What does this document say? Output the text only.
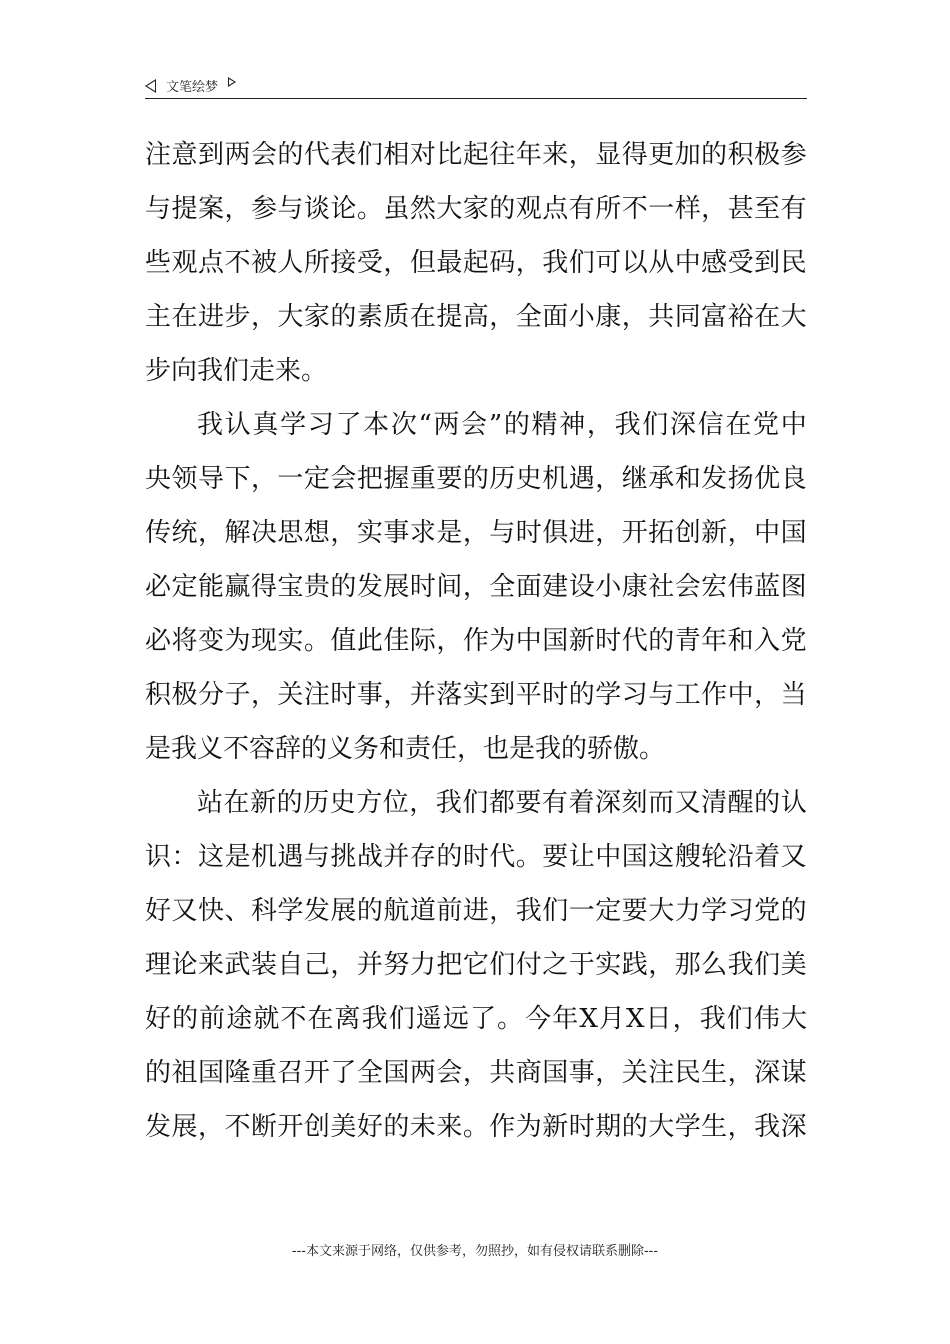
文笔绘梦
注 意 到 两 会 的 代 表 们 相 对 比 起 往 年 来 ， 显 得 更 加 的 积 极 参
与 提 案 ， 参 与 谈 论 。 虽 然 大 家 的 观 点 有 所 不 一 样 ， 甚 至 有
些 观 点 不 被 人 所 接 受 ， 但 最 起 码 ， 我 们 可 以 从 中 感 受 到 民
主 在 进 步 ， 大 家 的 素 质 在 提 高 ， 全 面 小 康 ， 共 同 富 裕 在 大
步向我们走来。
我 认 真 学 习 了 本 次 “ 两 会 ” 的 精 神 ， 我 们 深 信 在 党 中
央 领 导 下 ， 一 定 会 把 握 重 要 的 历 史 机 遇 ， 继 承 和 发 扬 优 良
传 统 ， 解 决 思 想 ， 实 事 求 是 ， 与 时 俱 进 ， 开 拓 创 新 ， 中 国
必 定 能 赢 得 宝 贵 的 发 展 时 间 ， 全 面 建 设 小 康 社 会 宏 伟 蓝 图
必 将 变 为 现 实 。 值 此 佳 际 ， 作 为 中 国 新 时 代 的 青 年 和 入 党
积 极 分 子 ， 关 注 时 事 ， 并 落 实 到 平 时 的 学 习 与 工 作 中 ， 当
是我义不容辞的义务和责任，也是我的骄傲。
站 在 新 的 历 史 方 位 ， 我 们 都 要 有 着 深 刻 而 又 清 醒 的 认
识 ： 这 是 机 遇 与 挑 战 并 存 的 时 代 。 要 让 中 国 这 艘 轮 沿 着 又
好 又 快 、 科 学 发 展 的 航 道 前 进 ， 我 们 一 定 要 大 力 学 习 党 的
理 论 来 武 装 自 己 ， 并 努 力 把 它 们 付 之 于 实 践 ， 那 么 我 们 美
好 的 前 途 就 不 在 离 我 们 遥 远 了 。 今 年 X 月 X 日 ， 我 们 伟 大
的 祖 国 隆 重 召 开 了 全 国 两 会 ， 共 商 国 事 ， 关 注 民 生 ， 深 谋
发 展 ， 不 断 开 创 美 好 的 未 来 。 作 为 新 时 期 的 大 学 生 ， 我 深
---本文来源于网络，仅供参考，勿照抄，如有侵权请联系删除---
